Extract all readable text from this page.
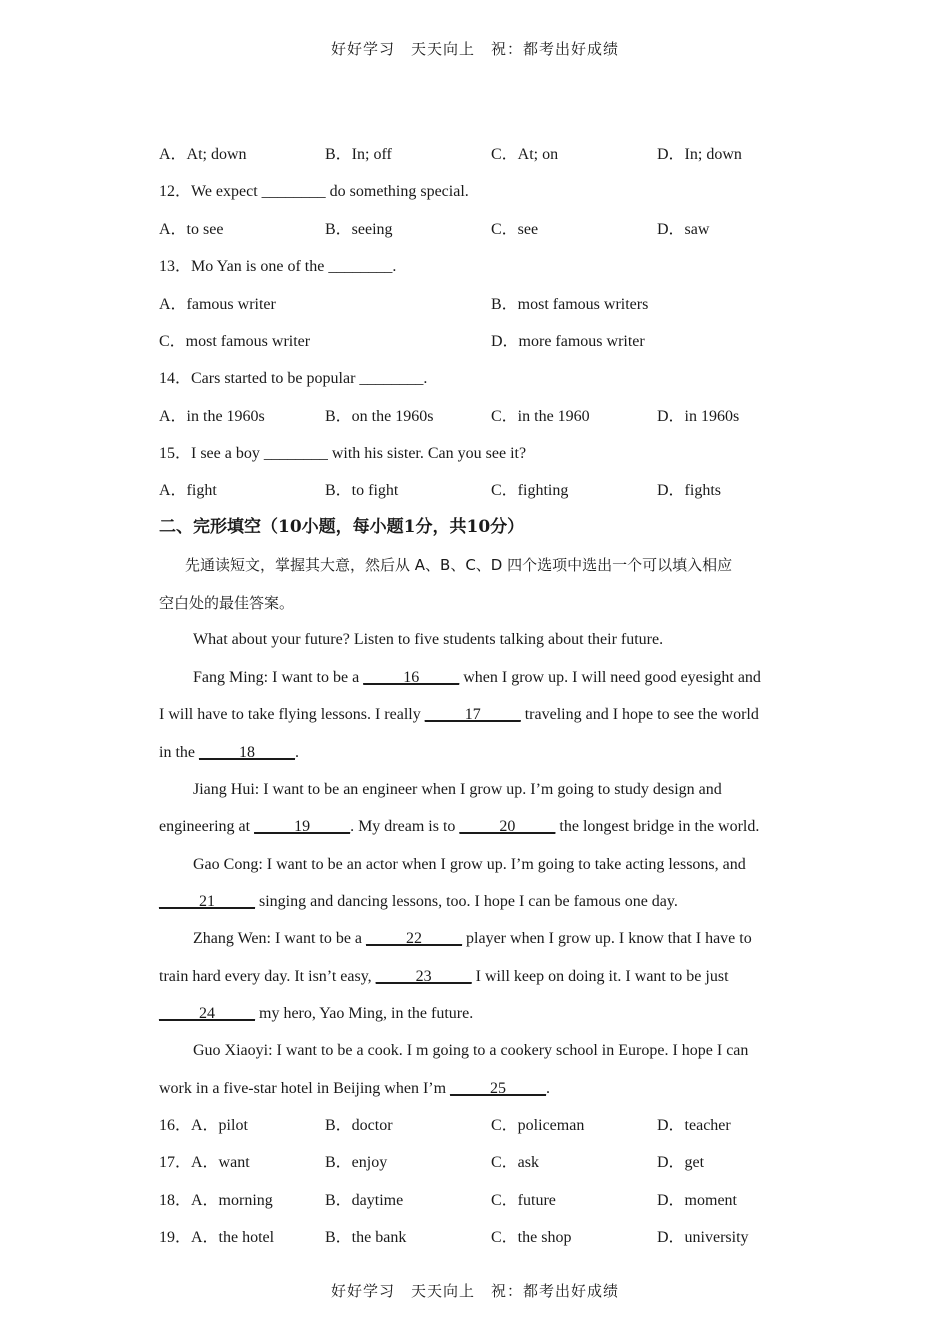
好好学习　天天向上　祝：都考出好成绩
A．At; down	B．In; off	C．At; on	D．In; down
12．We expect ________ do something special.
A．to see	B．seeing	C．see	D．saw
13．Mo Yan is one of the ________.
A．famous writer	B．most famous writers
C．most famous writer	D．more famous writer
14．Cars started to be popular ________.
A．in the 1960s	B．on the 1960s	C．in the 1960	D．in 1960s
15．I see a boy ________ with his sister. Can you see it?
A．fight	B．to fight	C．fighting	D．fights
二、完形填空（10小题，每小题1分，共10分）
先通读短文，掌握其大意，然后从 A、B、C、D 四个选项中选出一个可以填入相应
空白处的最佳答案。
What about your future? Listen to five students talking about their future.
Fang Ming: I want to be a _____16_____ when I grow up. I will need good eyesight and
I will have to take flying lessons. I really _____17_____ traveling and I hope to see the world
in the _____18_____.
Jiang Hui: I want to be an engineer when I grow up. I’m going to study design and
engineering at _____19_____. My dream is to _____20_____ the longest bridge in the world.
Gao Cong: I want to be an actor when I grow up. I’m going to take acting lessons, and
_____21_____ singing and dancing lessons, too. I hope I can be famous one day.
Zhang Wen: I want to be a _____22_____ player when I grow up. I know that I have to
train hard every day. It isn’t easy, _____23_____ I will keep on doing it. I want to be just
_____24_____ my hero, Yao Ming, in the future.
Guo Xiaoyi: I want to be a cook. I m going to a cookery school in Europe. I hope I can
work in a five-star hotel in Beijing when I’m _____25_____.
16．A．pilot	B．doctor	C．policeman	D．teacher
17．A．want	B．enjoy	C．ask	D．get
18．A．morning	B．daytime	C．future	D．moment
19．A．the hotel	B．the bank	C．the shop	D．university
好好学习　天天向上　祝：都考出好成绩
